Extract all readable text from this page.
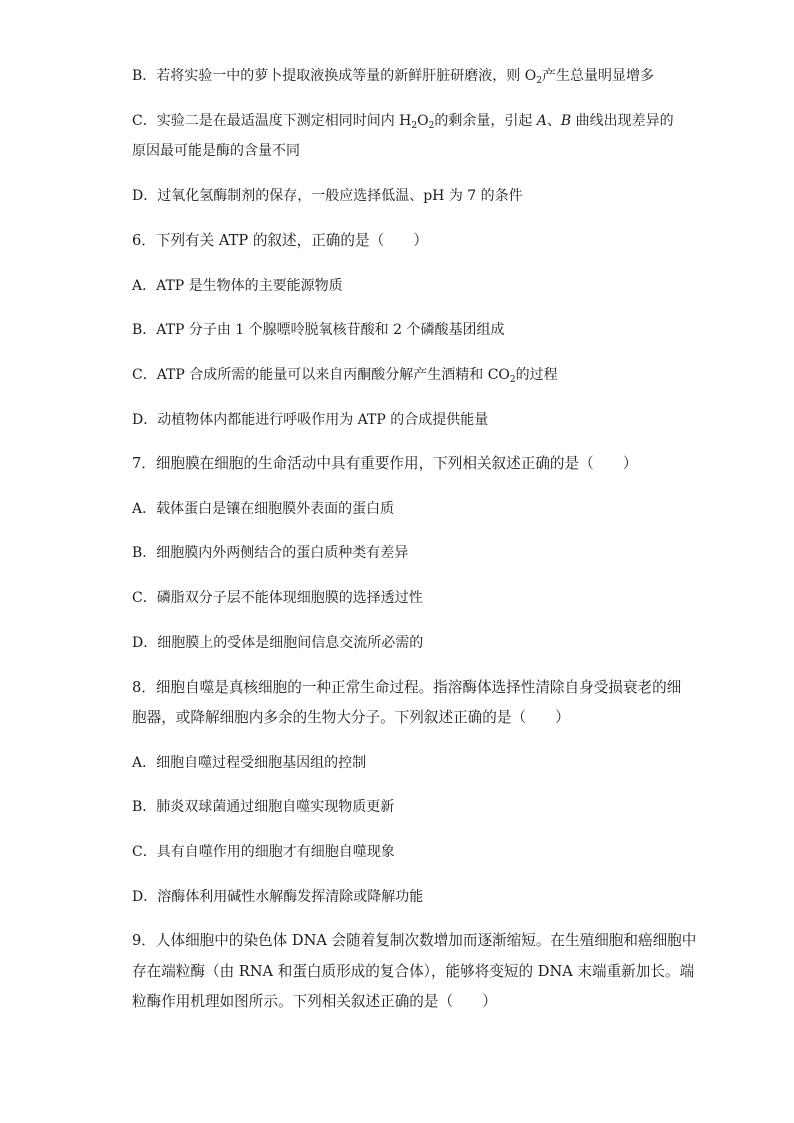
B．若将实验一中的萝卜提取液换成等量的新鲜肝脏研磨液，则 $O_2$产生总量明显增多
C．实验二是在最适温度下测定相同时间内 $H_2O_2$的剩余量，引起 A、B 曲线出现差异的
原因最可能是酶的含量不同
D．过氧化氢酶制剂的保存，一般应选择低温、pH 为 7 的条件
6．下列有关 ATP 的叙述，正确的是（　　）
A．ATP 是生物体的主要能源物质
B．ATP 分子由 1 个腺嘌呤脱氧核苷酸和 2 个磷酸基团组成
C．ATP 合成所需的能量可以来自丙酮酸分解产生酒精和 $CO_2$的过程
D．动植物体内都能进行呼吸作用为 ATP 的合成提供能量
7．细胞膜在细胞的生命活动中具有重要作用，下列相关叙述正确的是（　　）
A．载体蛋白是镶在细胞膜外表面的蛋白质
B．细胞膜内外两侧结合的蛋白质种类有差异
C．磷脂双分子层不能体现细胞膜的选择透过性
D．细胞膜上的受体是细胞间信息交流所必需的
8．细胞自噬是真核细胞的一种正常生命过程。指溶酶体选择性清除自身受损衰老的细
胞器，或降解细胞内多余的生物大分子。下列叙述正确的是（　　）
A．细胞自噬过程受细胞基因组的控制
B．肺炎双球菌通过细胞自噬实现物质更新
C．具有自噬作用的细胞才有细胞自噬现象
D．溶酶体利用碱性水解酶发挥清除或降解功能
9．人体细胞中的染色体 DNA 会随着复制次数增加而逐渐缩短。在生殖细胞和癌细胞中
存在端粒酶（由 RNA 和蛋白质形成的复合体），能够将变短的 DNA 末端重新加长。端
粒酶作用机理如图所示。下列相关叙述正确的是（　　）
